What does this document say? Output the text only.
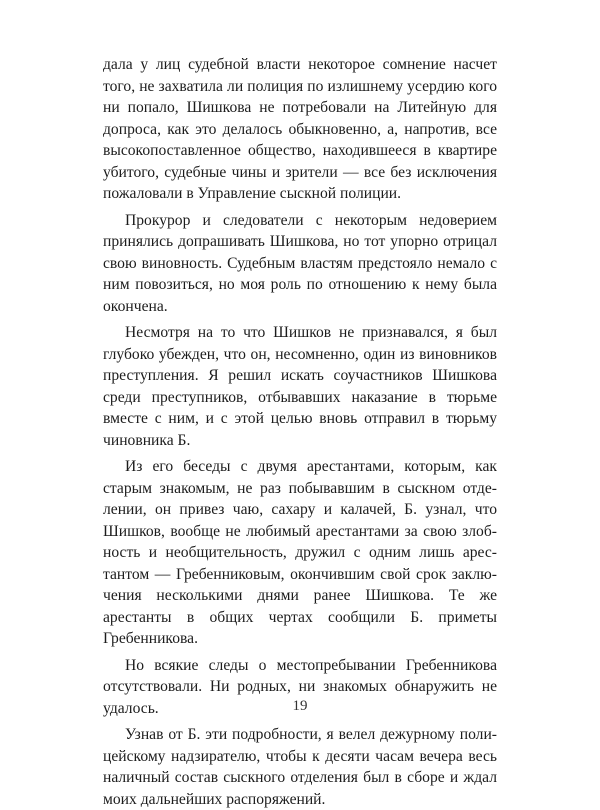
дала у лиц судебной власти некоторое сомнение насчет того, не захватила ли полиция по излишнему усердию кого ни попало, Шишкова не потребовали на Литейную для допроса, как это делалось обыкновенно, а, напротив, все высокопоставленное общество, находившееся в квартире убитого, судебные чины и зрители — все без исключения пожаловали в Управление сыскной полиции.

Прокурор и следователи с некоторым недоверием принялись допрашивать Шишкова, но тот упорно отрицал свою виновность. Судебным властям предстояло немало с ним повозиться, но моя роль по отношению к нему была окончена.

Несмотря на то что Шишков не признавался, я был глубоко убежден, что он, несомненно, один из виновников преступления. Я решил искать соучастников Шишкова среди преступников, отбывавших наказание в тюрьме вместе с ним, и с этой целью вновь отправил в тюрьму чиновника Б.

Из его беседы с двумя арестантами, которым, как старым знакомым, не раз побывавшим в сыскном отделении, он привез чаю, сахару и калачей, Б. узнал, что Шишков, вообще не любимый арестантами за свою злобность и необщительность, дружил с одним лишь арестантом — Гребенниковым, окончившим свой срок заключения несколькими днями ранее Шишкова. Те же арестанты в общих чертах сообщили Б. приметы Гребенникова.

Но всякие следы о местопребывании Гребенникова отсутствовали. Ни родных, ни знакомых обнаружить не удалось.

Узнав от Б. эти подробности, я велел дежурному полицейскому надзирателю, чтобы к десяти часам вечера весь наличный состав сыскного отделения был в сборе и ждал моих дальнейших распоряжений.

19
